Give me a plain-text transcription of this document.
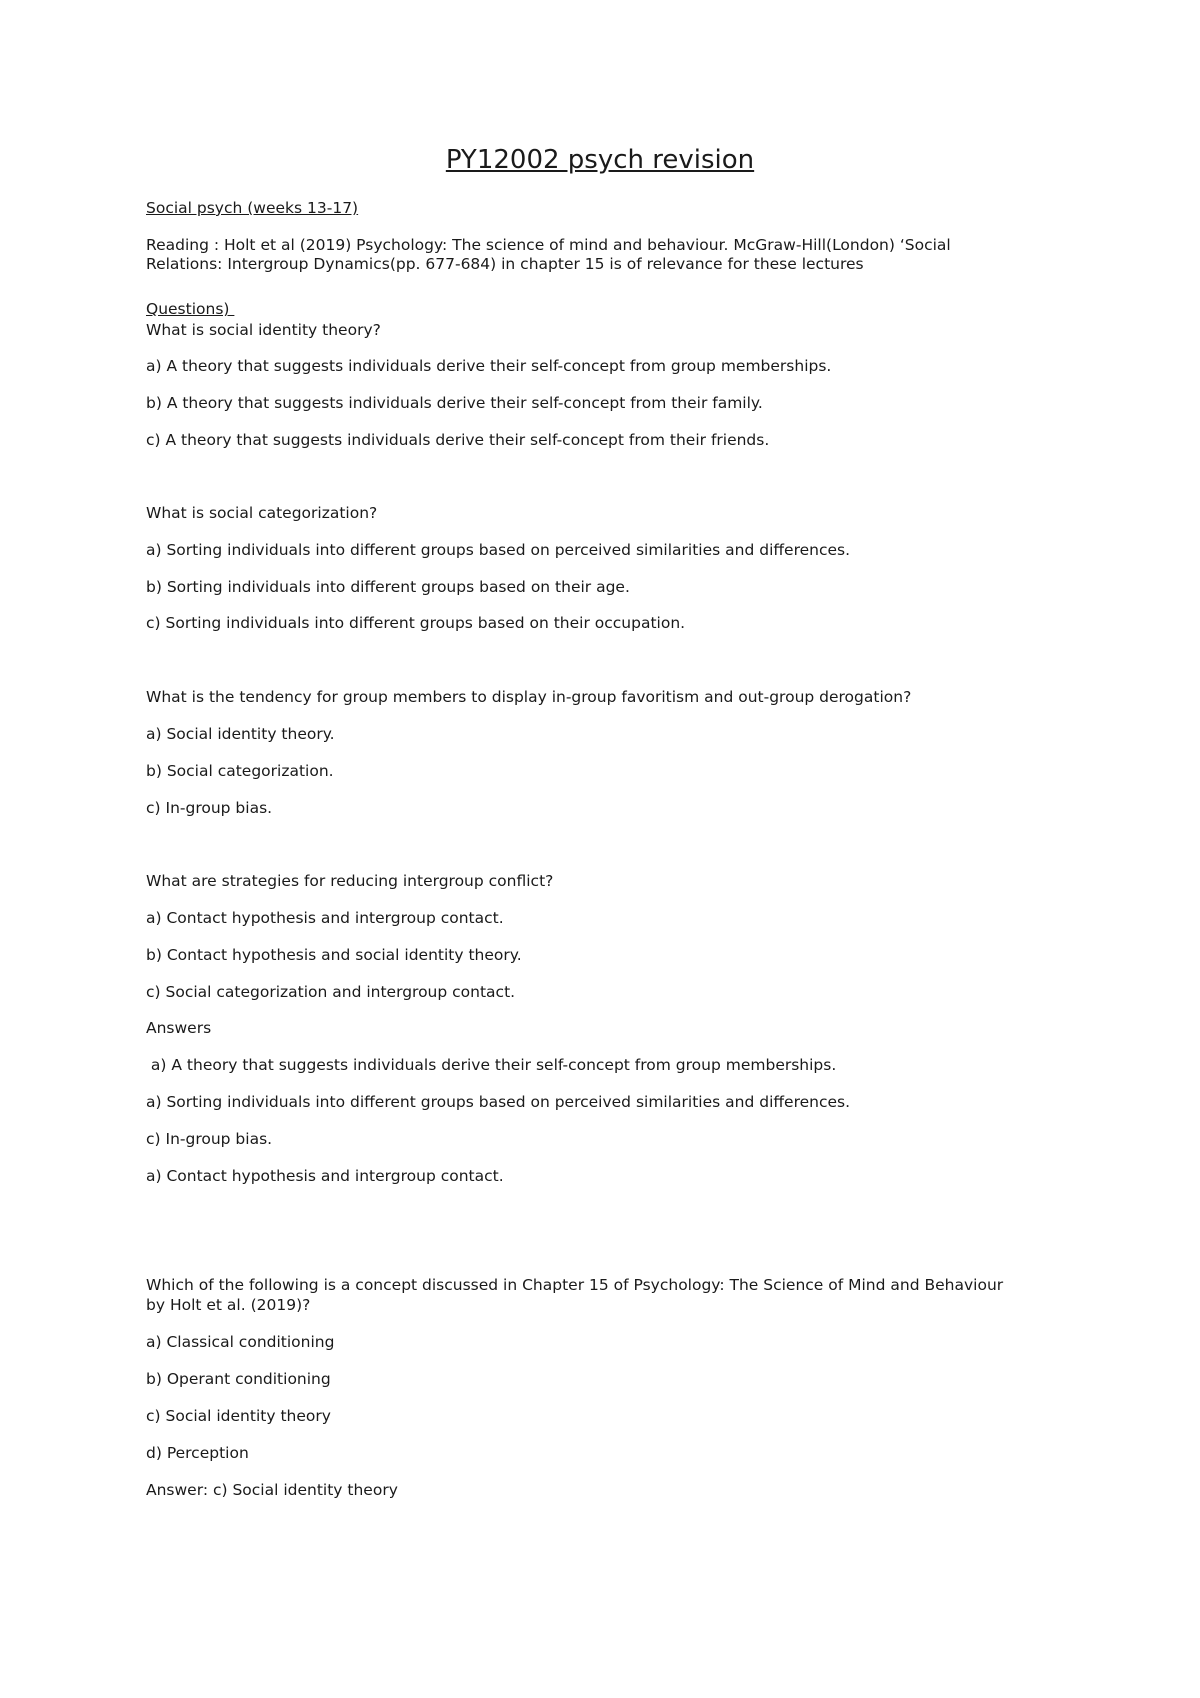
PY12002 psych revision
Social psych (weeks 13-17)
Reading : Holt et al (2019) Psychology: The science of mind and behaviour. McGraw-Hill(London) ‘Social
Relations: Intergroup Dynamics(pp. 677-684) in chapter 15 is of relevance for these lectures
Questions)
What is social identity theory?
a) A theory that suggests individuals derive their self-concept from group memberships.
b) A theory that suggests individuals derive their self-concept from their family.
c) A theory that suggests individuals derive their self-concept from their friends.
What is social categorization?
a) Sorting individuals into different groups based on perceived similarities and differences.
b) Sorting individuals into different groups based on their age.
c) Sorting individuals into different groups based on their occupation.
What is the tendency for group members to display in-group favoritism and out-group derogation?
a) Social identity theory.
b) Social categorization.
c) In-group bias.
What are strategies for reducing intergroup conflict?
a) Contact hypothesis and intergroup contact.
b) Contact hypothesis and social identity theory.
c) Social categorization and intergroup contact.
Answers
a) A theory that suggests individuals derive their self-concept from group memberships.
a) Sorting individuals into different groups based on perceived similarities and differences.
c) In-group bias.
a) Contact hypothesis and intergroup contact.
Which of the following is a concept discussed in Chapter 15 of Psychology: The Science of Mind and Behaviour
by Holt et al. (2019)?
a) Classical conditioning
b) Operant conditioning
c) Social identity theory
d) Perception
Answer: c) Social identity theory
